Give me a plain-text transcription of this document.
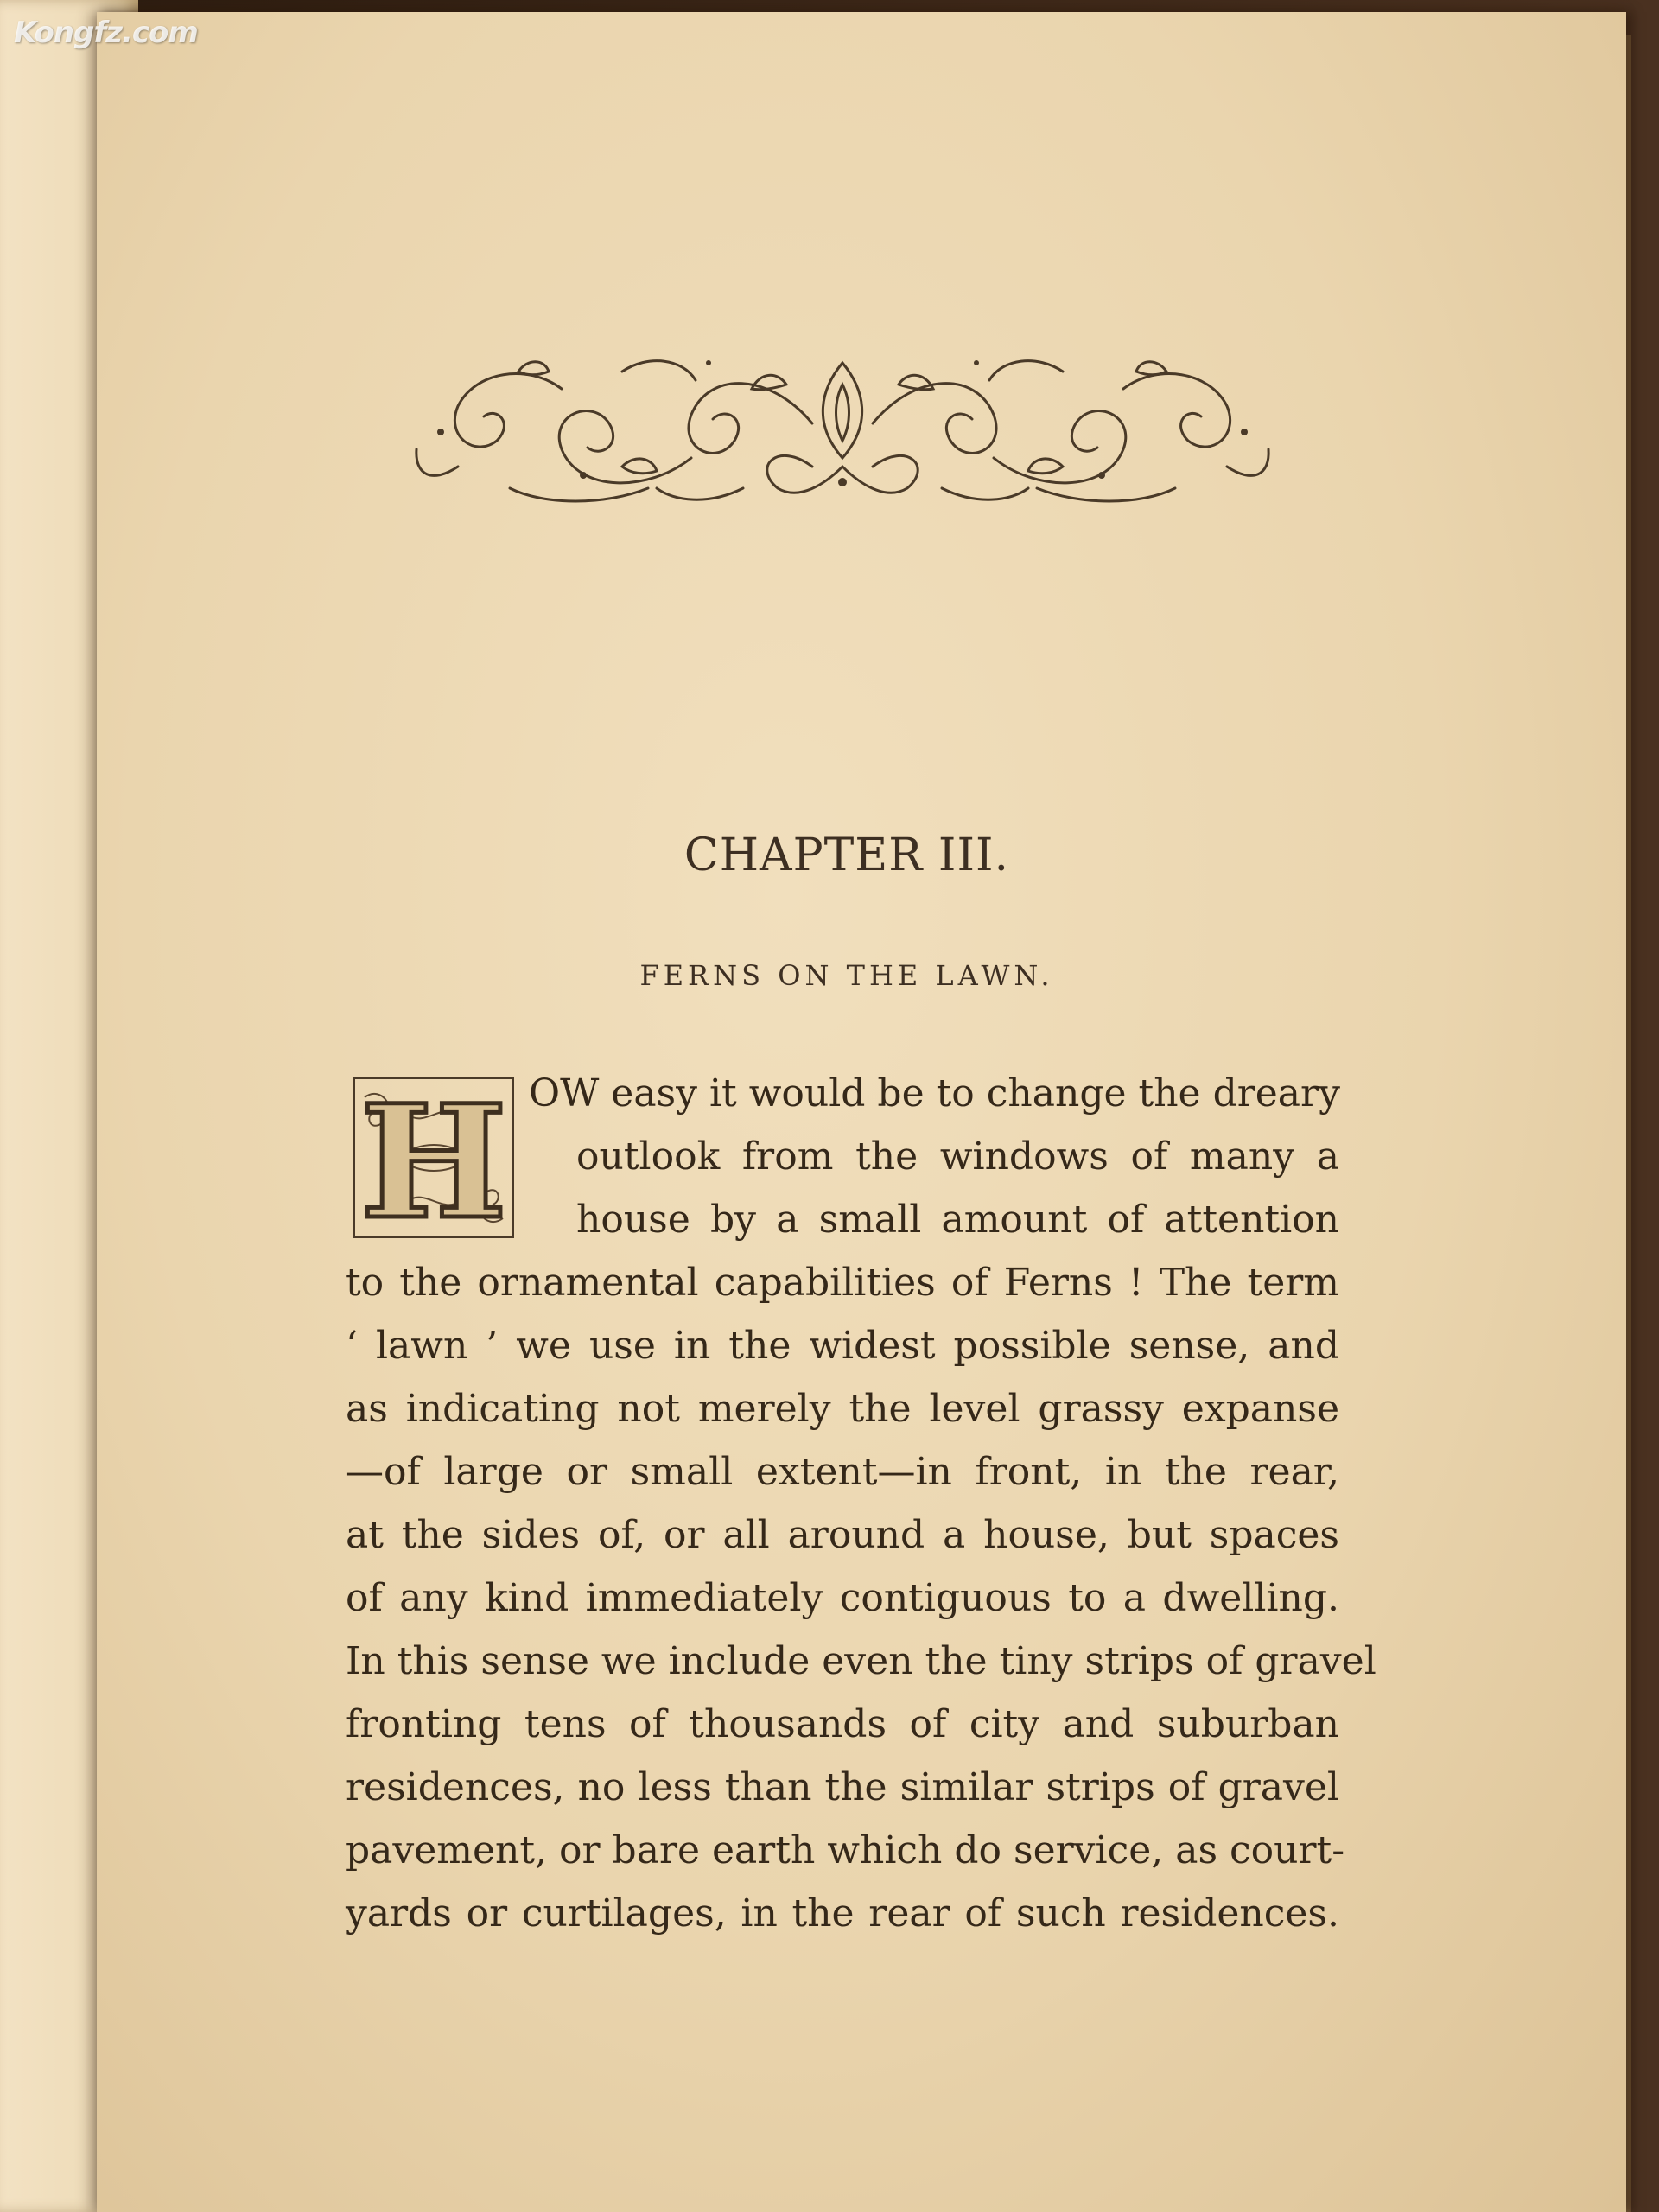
Kongfz.com
CHAPTER III.
FERNS ON THE LAWN.
H OW easy it would be to change the dreary
outlook from the windows of many a
house by a small amount of attention
to the ornamental capabilities of Ferns ! The term
‘ lawn ’ we use in the widest possible sense, and
as indicating not merely the level grassy expanse
—of large or small extent—in front, in the rear,
at the sides of, or all around a house, but spaces
of any kind immediately contiguous to a dwelling.
In this sense we include even the tiny strips of gravel
fronting tens of thousands of city and suburban
residences, no less than the similar strips of gravel
pavement, or bare earth which do service, as court-
yards or curtilages, in the rear of such residences.
